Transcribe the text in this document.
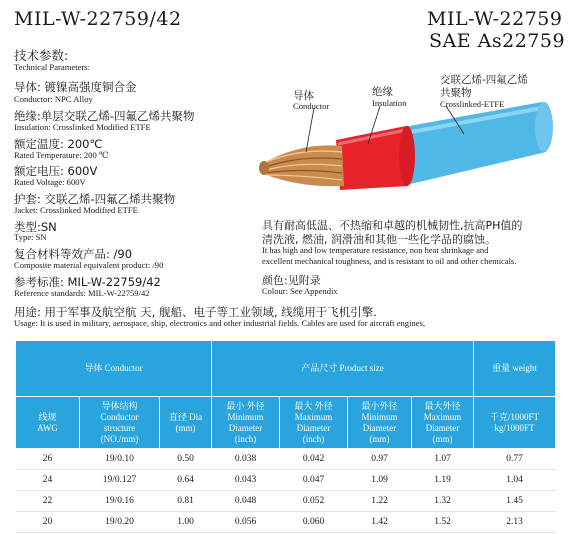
MIL-W-22759/42	MIL-W-22759
SAE As22759
技术参数:
Technical Parameters:
导体: 镀镍高强度铜合金
Conductor: NPC Alloy
绝缘:单层交联乙烯-四氟乙烯共聚物
Insulation: Crosslinked Modified ETFE
额定温度: 200℃
Rated Temperature: 200 ℃
额定电压: 600V
Rated Voltage: 600V
护套: 交联乙烯-四氟乙烯共聚物
Jacket: Crosslinked Modified ETFE
类型:SN
Type: SN
复合材料等效产品: /90
Composite material equivalent product: /90
参考标准: MIL-W-22759/42
Reference standards: MIL-W-22759/42
导体
Conductor
绝缘
Insulation
交联乙烯-四氟乙烯
共聚物
Crosslinked-ETFE
具有耐高低温、不热缩和卓越的机械韧性,抗高PH值的
清洗液, 燃油, 润滑油和其他一些化学品的腐蚀。
It has high and low temperature resistance, non heat shrinkage and
excellent mechanical toughness, and is resistant to oil and other chemicals.
颜色:见附录
Colour: See Appendix
用途: 用于军事及航空航 天, 舰船、电子等工业领域, 线缆用于飞机引擎.
Usage: It is used in military, aerospace, ship, electronics and other industrial fields. Cables are used for aircraft engines,
导体 Conductor			产品尺寸 Product size				重量 weight
线规
AWG	导体结构
Conductor
structure
(NO./mm)	直径 Dia
(mm)	最小 外径
Minimum
Diameter
(inch)	最大 外径
Maximum
Diameter
(inch)	最小外径
Minimum
Diameter
(mm)	最大外径
Maximum
Diameter
(mm)	千克/1000FT
kg/1000FT
26	19/0.10	0.50	0.038	0.042	0.97	1.07	0.77
24	19/0.127	0.64	0.043	0.047	1.09	1.19	1.04
22	19/0.16	0.81	0.048	0.052	1.22	1.32	1.45
20	19/0.20	1.00	0.056	0.060	1.42	1.52	2.13
